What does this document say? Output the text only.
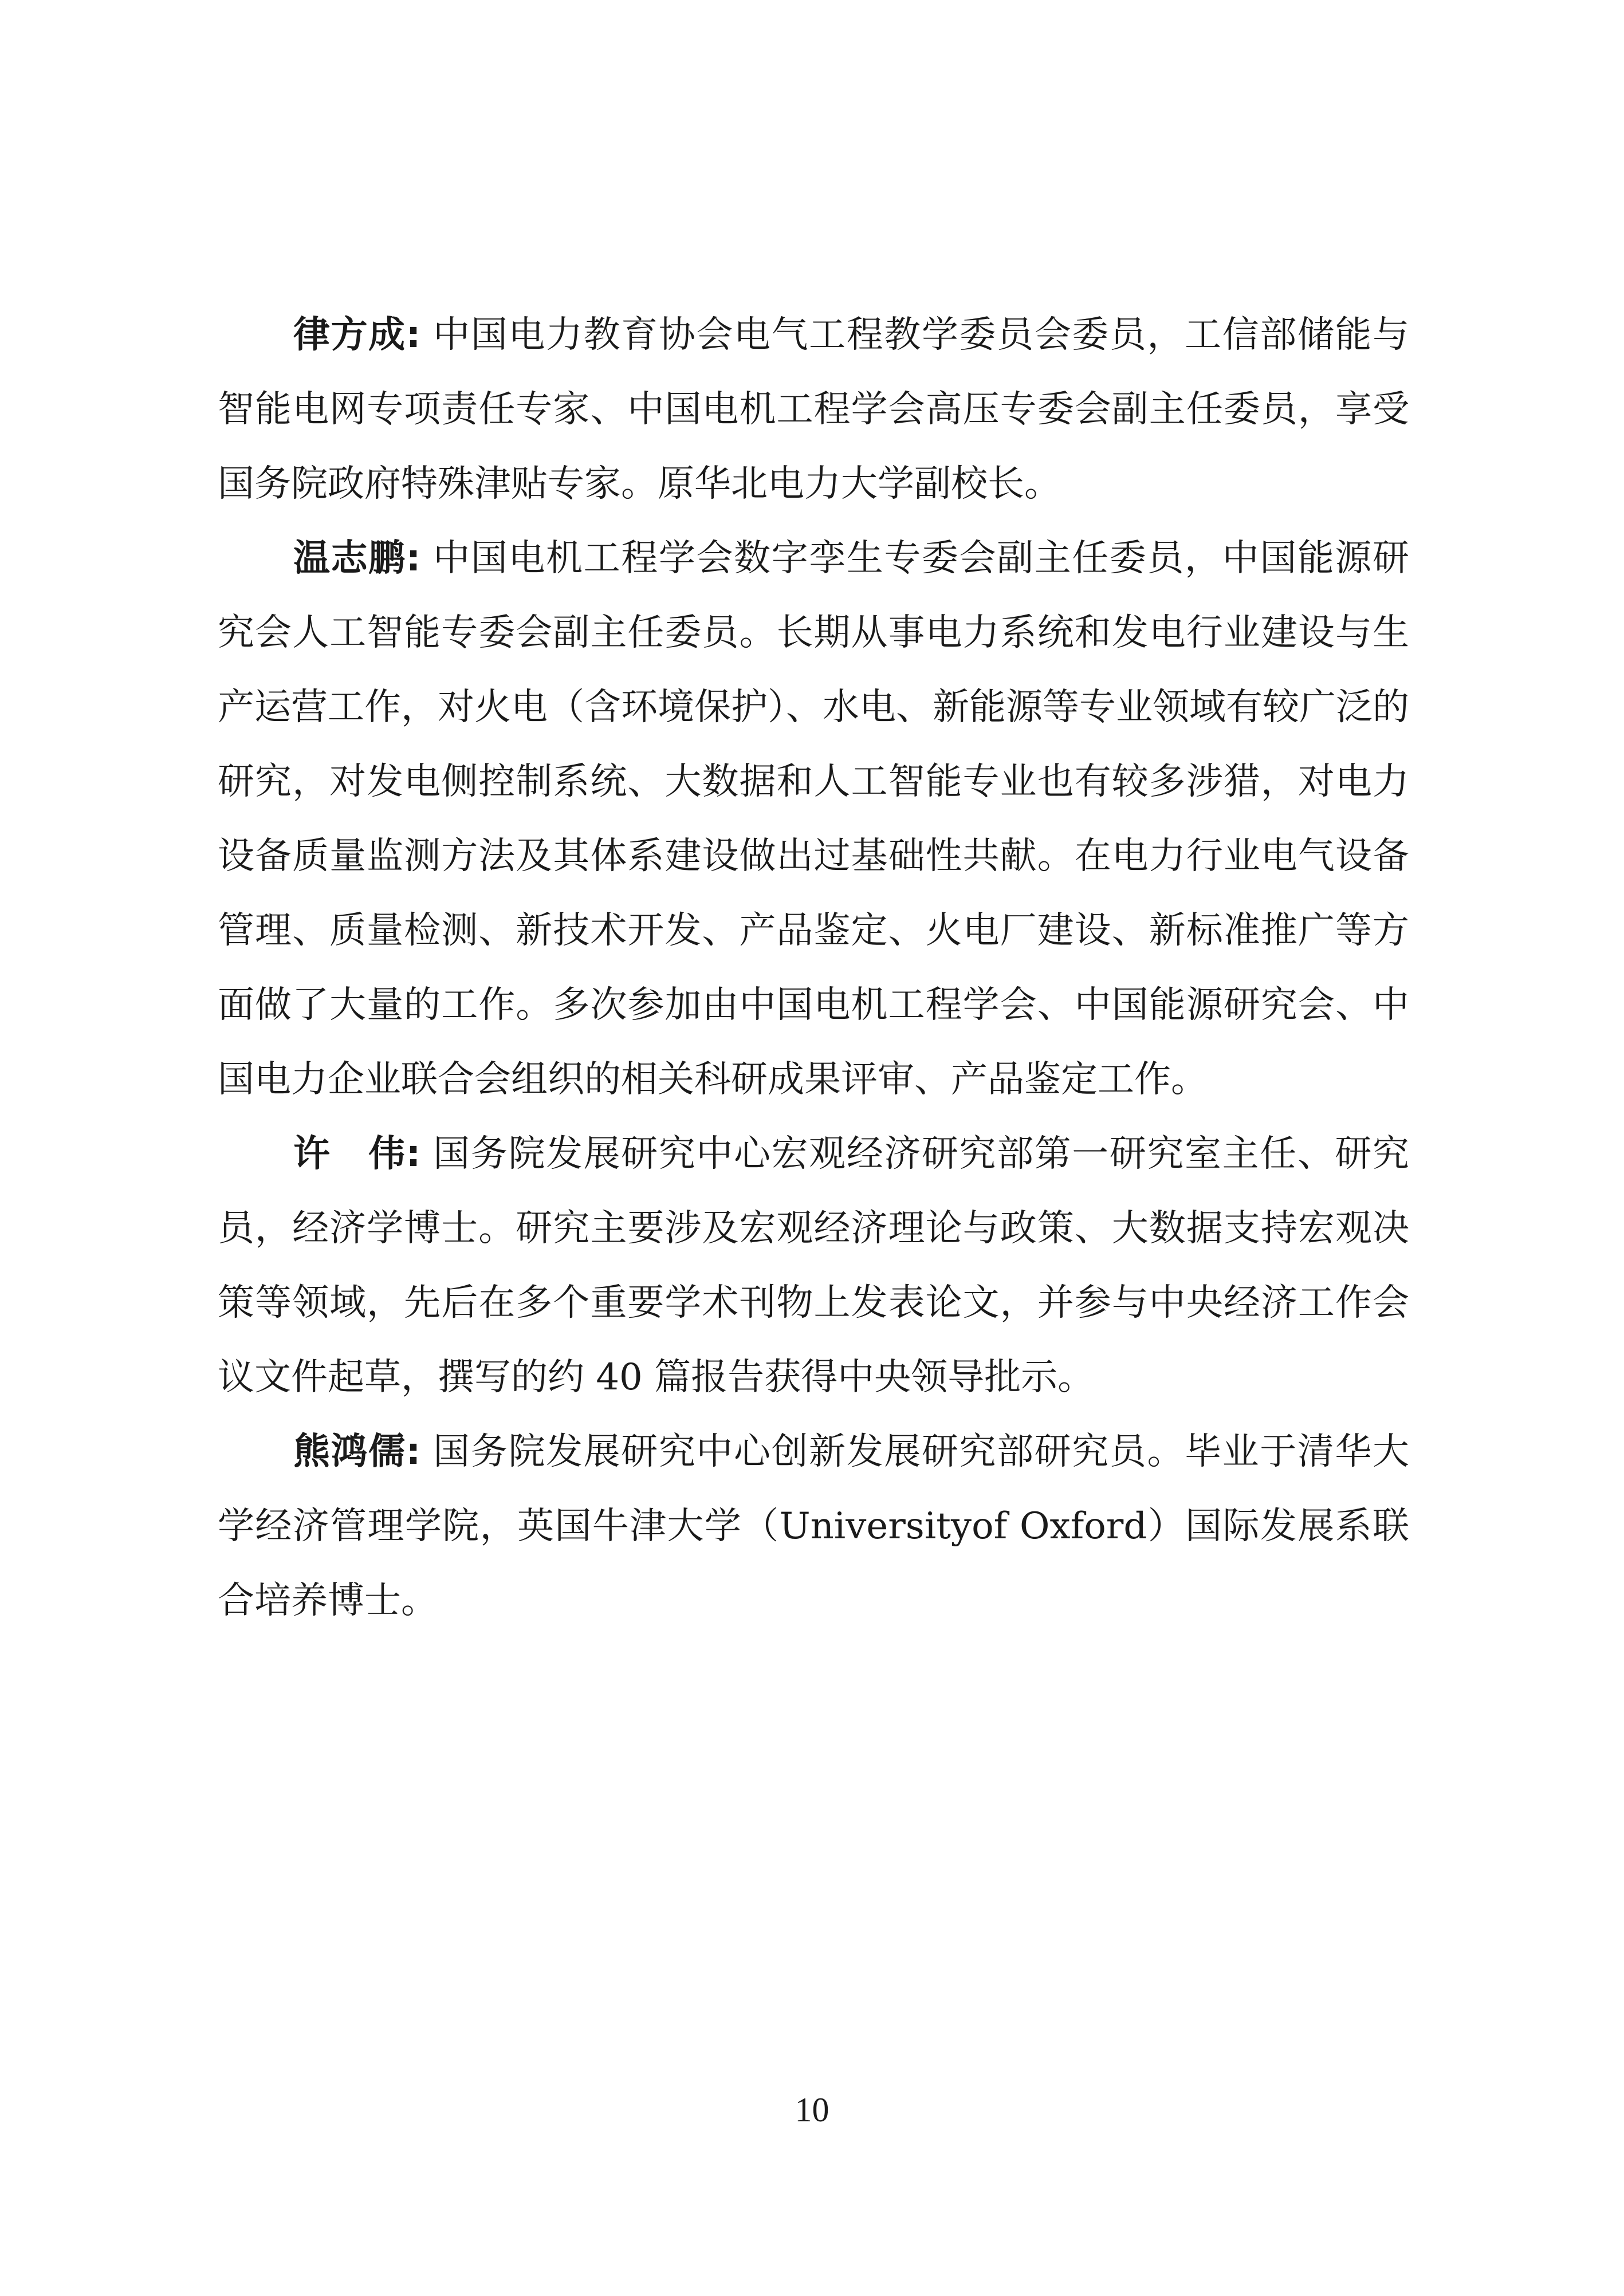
律方成: 中国电力教育协会电气工程教学委员会委员，工信部储能与智能电网专项责任专家、中国电机工程学会高压专委会副主任委员，享受国务院政府特殊津贴专家。原华北电力大学副校长。

温志鹏: 中国电机工程学会数字孪生专委会副主任委员，中国能源研究会人工智能专委会副主任委员。长期从事电力系统和发电行业建设与生产运营工作，对火电（含环境保护）、水电、新能源等专业领域有较广泛的研究，对发电侧控制系统、大数据和人工智能专业也有较多涉猎，对电力设备质量监测方法及其体系建设做出过基础性共献。在电力行业电气设备管理、质量检测、新技术开发、产品鉴定、火电厂建设、新标准推广等方面做了大量的工作。多次参加由中国电机工程学会、中国能源研究会、中国电力企业联合会组织的相关科研成果评审、产品鉴定工作。

许　伟: 国务院发展研究中心宏观经济研究部第一研究室主任、研究员，经济学博士。研究主要涉及宏观经济理论与政策、大数据支持宏观决策等领域，先后在多个重要学术刊物上发表论文，并参与中央经济工作会议文件起草，撰写的约 40 篇报告获得中央领导批示。

熊鸿儒: 国务院发展研究中心创新发展研究部研究员。毕业于清华大学经济管理学院，英国牛津大学（Universityof Oxford）国际发展系联合培养博士。

10
